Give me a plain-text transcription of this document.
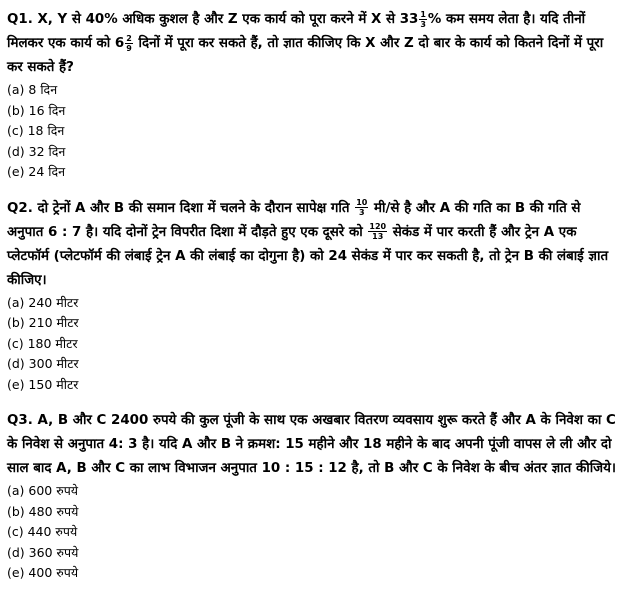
Q1. X, Y से 40% अधिक कुशल है और Z एक कार्य को पूरा करने में X से $33 \frac{1}{3}$ % कम समय लेता है। यदि तीनों मिलकर एक कार्य को $6 \frac{2}{9}$ दिनों में पूरा कर सकते हैं, तो ज्ञात कीजिए कि X और Z दो बार के कार्य को कितने दिनों में पूरा कर सकते हैं?

(a) 8 दिन
(b) 16 दिन
(c) 18 दिन
(d) 32 दिन
(e) 24 दिन

Q2. दो ट्रेनों A और B की समान दिशा में चलने के दौरान सापेक्ष गति $\frac{10}{3}$ मी/से है और A की गति का B की गति से अनुपात 6 : 7 है। यदि दोनों ट्रेन विपरीत दिशा में दौड़ते हुए एक दूसरे को $\frac{120}{13}$ सेकंड में पार करती हैं और ट्रेन A एक प्लेटफॉर्म (प्लेटफॉर्म की लंबाई ट्रेन A की लंबाई का दोगुना है) को 24 सेकंड में पार कर सकती है, तो ट्रेन B की लंबाई ज्ञात कीजिए।

(a) 240 मीटर
(b) 210 मीटर
(c) 180 मीटर
(d) 300 मीटर
(e) 150 मीटर

Q3. A, B और C 2400 रुपये की कुल पूंजी के साथ एक अखबार वितरण व्यवसाय शुरू करते हैं और A के निवेश का C के निवेश से अनुपात 4: 3 है। यदि A और B ने क्रमश: 15 महीने और 18 महीने के बाद अपनी पूंजी वापस ले ली और दो साल बाद A, B और C का लाभ विभाजन अनुपात 10 : 15 : 12 है, तो B और C के निवेश के बीच अंतर ज्ञात कीजिये।

(a) 600 रुपये
(b) 480 रुपये
(c) 440 रुपये
(d) 360 रुपये
(e) 400 रुपये
